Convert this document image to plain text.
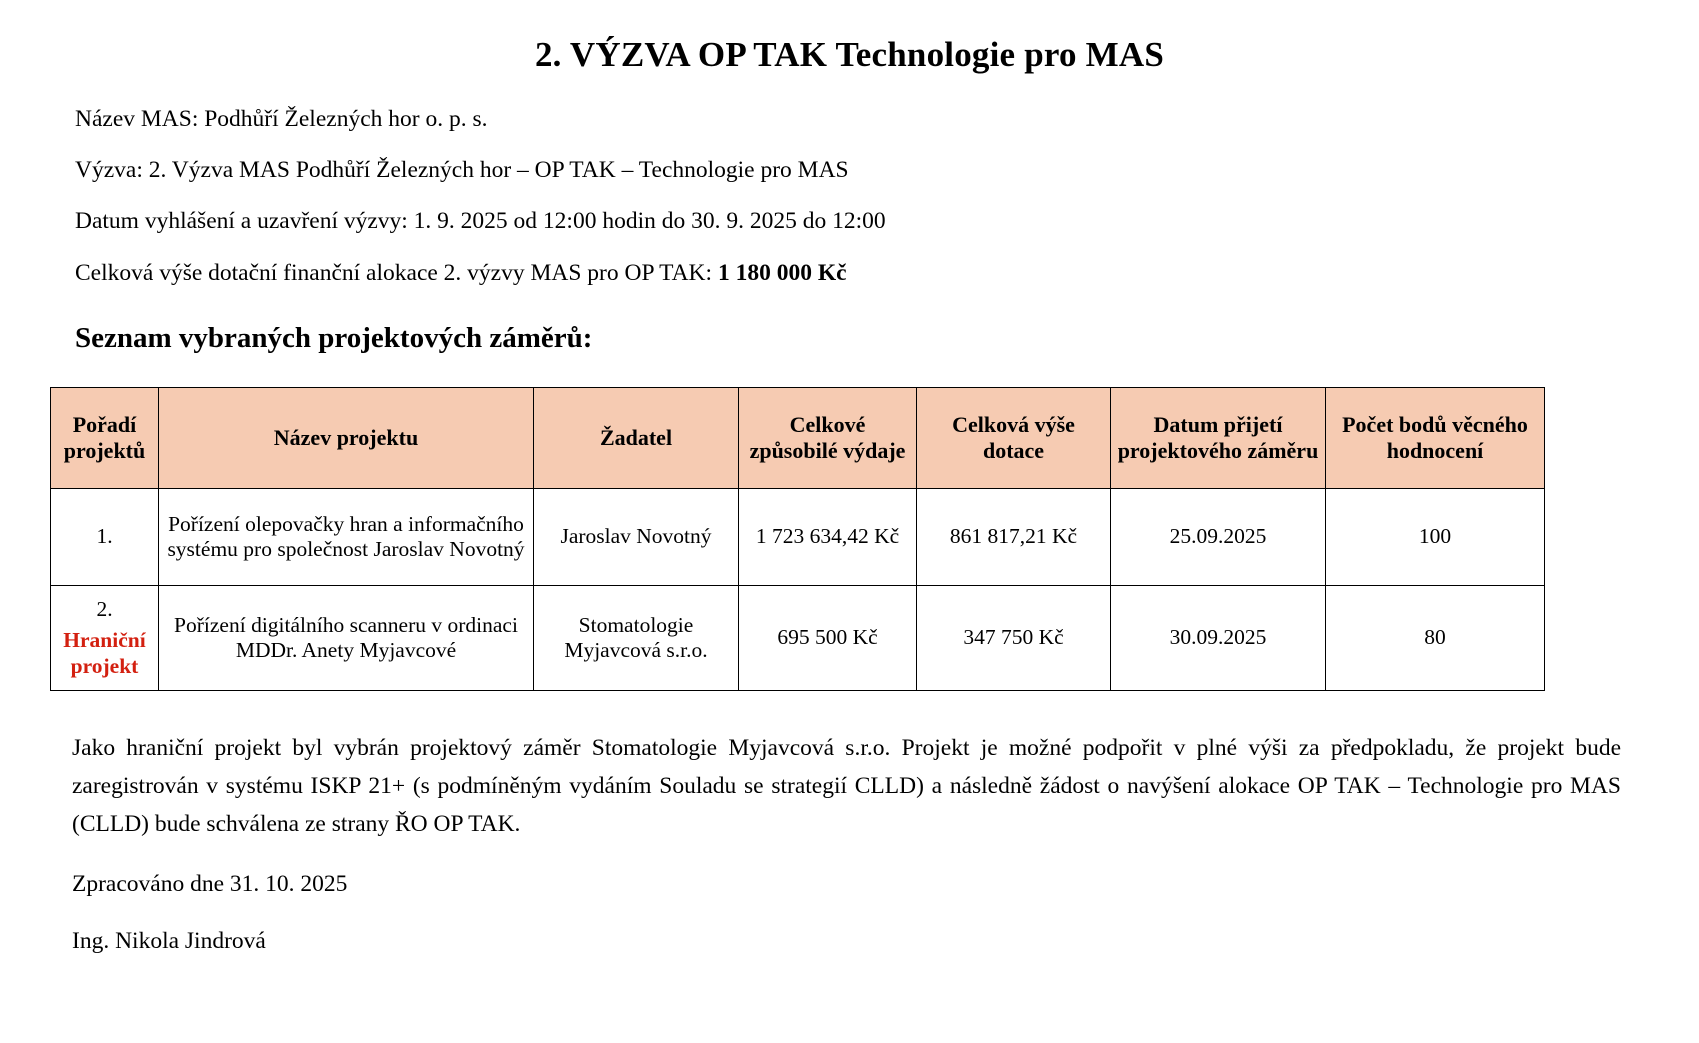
2. VÝZVA OP TAK Technologie pro MAS
Název MAS: Podhůří Železných hor o. p. s.
Výzva: 2. Výzva MAS Podhůří Železných hor – OP TAK – Technologie pro MAS
Datum vyhlášení a uzavření výzvy: 1. 9. 2025 od 12:00 hodin do 30. 9. 2025 do 12:00
Celková výše dotační finanční alokace 2. výzvy MAS pro OP TAK: 1 180 000 Kč
Seznam vybraných projektových záměrů:
Pořadí projektů	Název projektu	Žadatel	Celkové způsobilé výdaje	Celková výše dotace	Datum přijetí projektového záměru	Počet bodů věcného hodnocení

1.	Pořízení olepovačky hran a informačního systému pro společnost Jaroslav Novotný	Jaroslav Novotný	1 723 634,42 Kč	861 817,21 Kč	25.09.2025	100

2.
Hraniční projekt	Pořízení digitálního scanneru v ordinaci MDDr. Anety Myjavcové	Stomatologie Myjavcová s.r.o.	695 500 Kč	347 750 Kč	30.09.2025	80

Jako hraniční projekt byl vybrán projektový záměr Stomatologie Myjavcová s.r.o. Projekt je možné podpořit v plné výši za předpokladu, že projekt bude zaregistrován v systému ISKP 21+ (s podmíněným vydáním Souladu se strategií CLLD) a následně žádost o navýšení alokace OP TAK – Technologie pro MAS (CLLD) bude schválena ze strany ŘO OP TAK.

Zpracováno dne 31. 10. 2025
Ing. Nikola Jindrová
